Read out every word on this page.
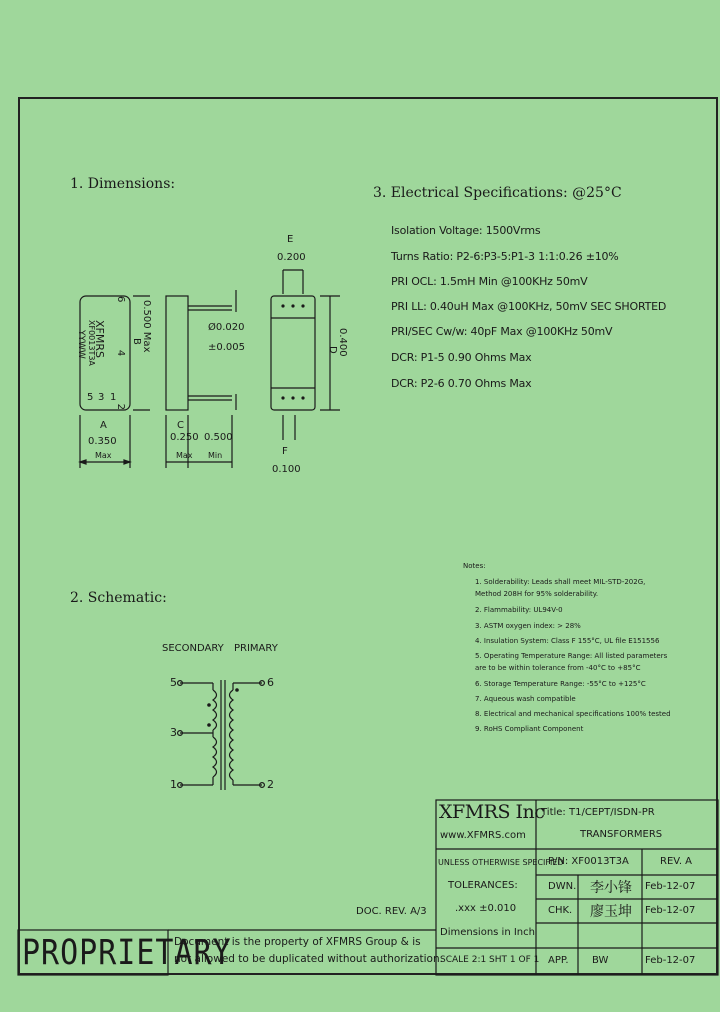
1. Dimensions:
3. Electrical Specifications: @25°C
2. Schematic:
Isolation Voltage: 1500Vrms
Turns Ratio: P2-6:P3-5:P1-3 1:1:0.26 ±10%
PRI OCL: 1.5mH Min @100KHz 50mV
PRI LL: 0.40uH Max @100KHz, 50mV SEC SHORTED
PRI/SEC Cw/w: 40pF Max @100KHz 50mV
DCR: P1-5 0.90 Ohms Max
DCR: P2-6 0.70 Ohms Max
Notes:
1. Solderability: Leads shall meet MIL-STD-202G,
Method 208H for 95% solderability.
2. Flammability: UL94V-0
3. ASTM oxygen index: > 28%
4. Insulation System: Class F 155°C, UL file E151556
5. Operating Temperature Range: All listed parameters
are to be within tolerance from -40°C to +85°C
6. Storage Temperature Range: -55°C to +125°C
7. Aqueous wash compatible
8. Electrical and mechanical specifications 100% tested
9. RoHS Compliant Component
6
4
2
XFMRS
XF0013T3A
YYWW
5 3 1
B 0.500 Max
A
0.350
Max
C
0.250
Max
0.500
Min
Ø0.020
±0.005
E
0.200
D 0.400
F
0.100
SECONDARY PRIMARY
5
3
1
6
2
XFMRS Inc
www.XFMRS.com
Title: T1/CEPT/ISDN-PR
TRANSFORMERS
UNLESS OTHERWISE SPECIFIED
TOLERANCES:
.xxx ±0.010
Dimensions in Inch
SCALE 2:1 SHT 1 OF 1
P/N: XF0013T3A	REV. A
DWN.
CHK.
APP.
李小锋
廖玉坤
BW
Feb-12-07
Feb-12-07
Feb-12-07
DOC. REV. A/3
PROPRIETARY
Document is the property of XFMRS Group & is
not allowed to be duplicated without authorization.
